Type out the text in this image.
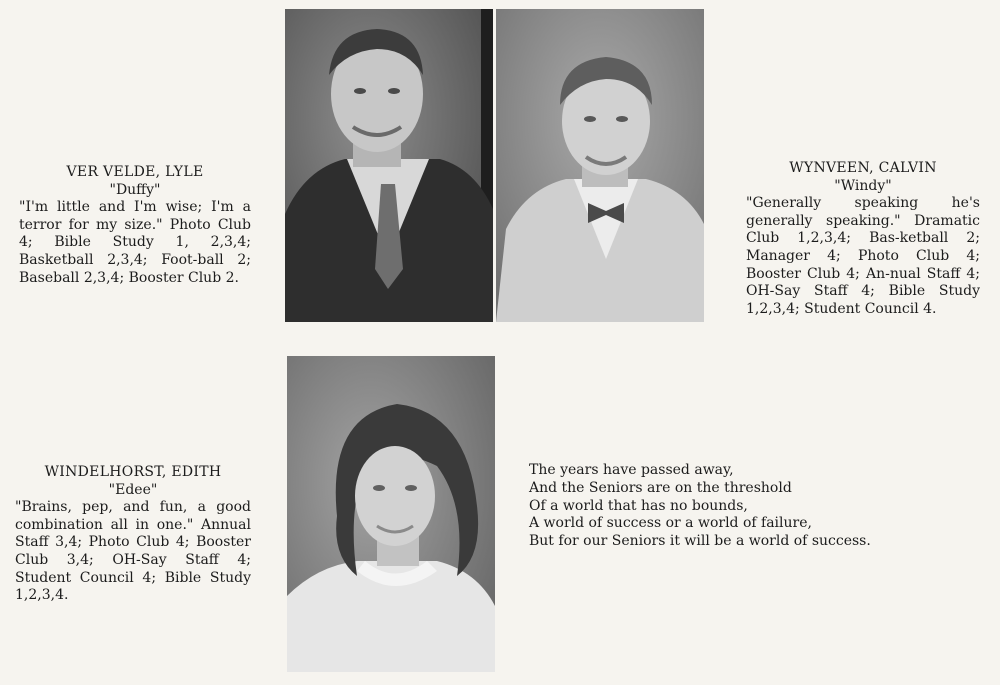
VER VELDE, LYLE
"Duffy"
"I'm little and I'm wise; I'm a terror for my size." Photo Club 4; Bible Study 1, 2,3,4; Basketball 2,3,4; Foot-ball 2; Baseball 2,3,4; Booster Club 2.
WYNVEEN, CALVIN
"Windy"
"Generally speaking he's generally speaking." Dramatic Club 1,2,3,4; Bas-ketball 2; Manager 4; Photo Club 4; Booster Club 4; An-nual Staff 4; OH-Say Staff 4; Bible Study 1,2,3,4; Student Council 4.
WINDELHORST, EDITH
"Edee"
"Brains, pep, and fun, a good combination all in one." Annual Staff 3,4; Photo Club 4; Booster Club 3,4; OH-Say Staff 4; Student Council 4; Bible Study 1,2,3,4.
The years have passed away,
And the Seniors are on the threshold
Of a world that has no bounds,
A world of success or a world of failure,
But for our Seniors it will be a world of success.
